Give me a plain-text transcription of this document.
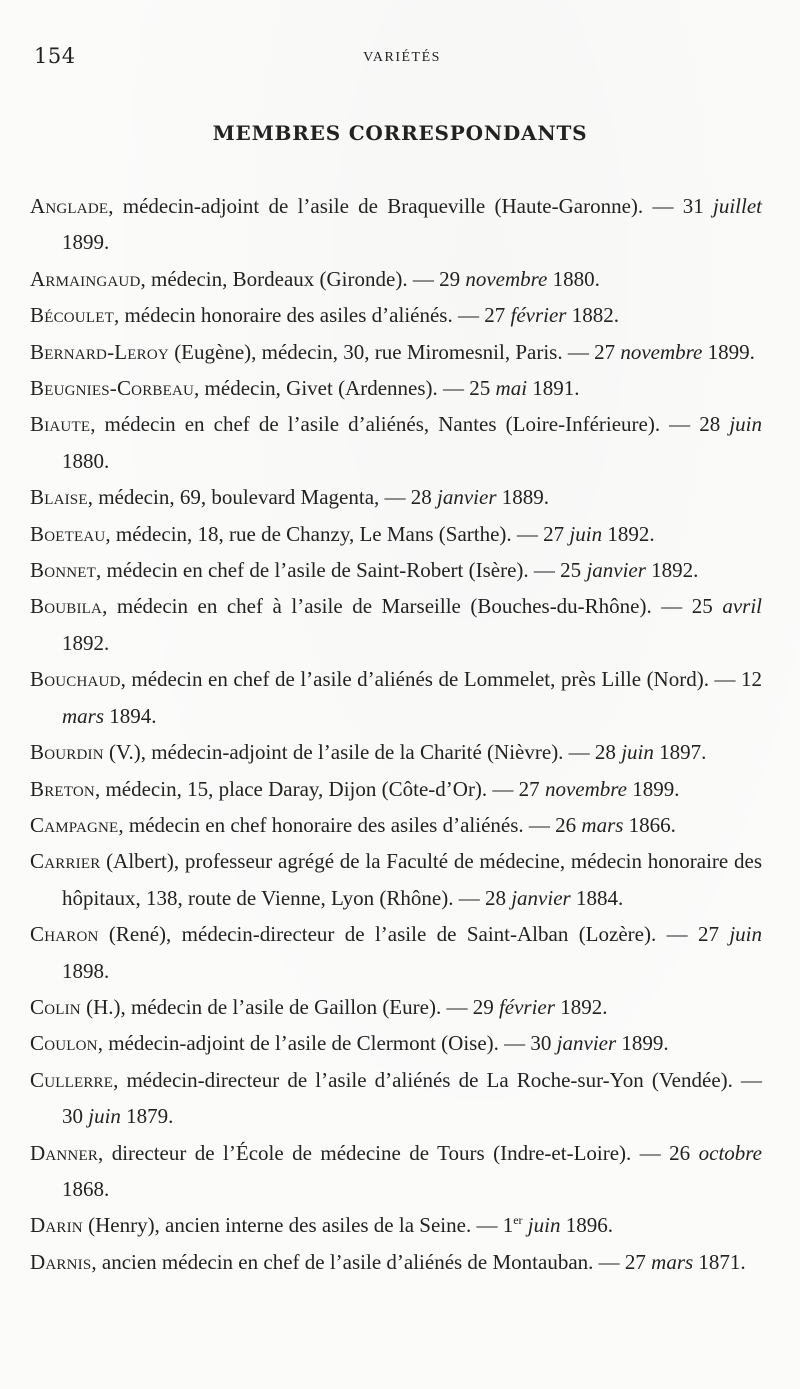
154	VARIÉTÉS
MEMBRES CORRESPONDANTS
Anglade, médecin-adjoint de l’asile de Braqueville (Haute-Garonne). — 31 juillet 1899.
Armaingaud, médecin, Bordeaux (Gironde). — 29 novembre 1880.
Bécoulet, médecin honoraire des asiles d’aliénés. — 27 février 1882.
Bernard-Leroy (Eugène), médecin, 30, rue Miromesnil, Paris. — 27 novembre 1899.
Beugnies-Corbeau, médecin, Givet (Ardennes). — 25 mai 1891.
Biaute, médecin en chef de l’asile d’aliénés, Nantes (Loire-Inférieure). — 28 juin 1880.
Blaise, médecin, 69, boulevard Magenta, — 28 janvier 1889.
Boeteau, médecin, 18, rue de Chanzy, Le Mans (Sarthe). — 27 juin 1892.
Bonnet, médecin en chef de l’asile de Saint-Robert (Isère). — 25 janvier 1892.
Boubila, médecin en chef à l’asile de Marseille (Bouches-du-Rhône). — 25 avril 1892.
Bouchaud, médecin en chef de l’asile d’aliénés de Lommelet, près Lille (Nord). — 12 mars 1894.
Bourdin (V.), médecin-adjoint de l’asile de la Charité (Nièvre). — 28 juin 1897.
Breton, médecin, 15, place Daray, Dijon (Côte-d’Or). — 27 novembre 1899.
Campagne, médecin en chef honoraire des asiles d’aliénés. — 26 mars 1866.
Carrier (Albert), professeur agrégé de la Faculté de médecine, médecin honoraire des hôpitaux, 138, route de Vienne, Lyon (Rhône). — 28 janvier 1884.
Charon (René), médecin-directeur de l’asile de Saint-Alban (Lozère). — 27 juin 1898.
Colin (H.), médecin de l’asile de Gaillon (Eure). — 29 février 1892.
Coulon, médecin-adjoint de l’asile de Clermont (Oise). — 30 janvier 1899.
Cullerre, médecin-directeur de l’asile d’aliénés de La Roche-sur-Yon (Vendée). — 30 juin 1879.
Danner, directeur de l’École de médecine de Tours (Indre-et-Loire). — 26 octobre 1868.
Darin (Henry), ancien interne des asiles de la Seine. — 1er juin 1896.
Darnis, ancien médecin en chef de l’asile d’aliénés de Montauban. — 27 mars 1871.
